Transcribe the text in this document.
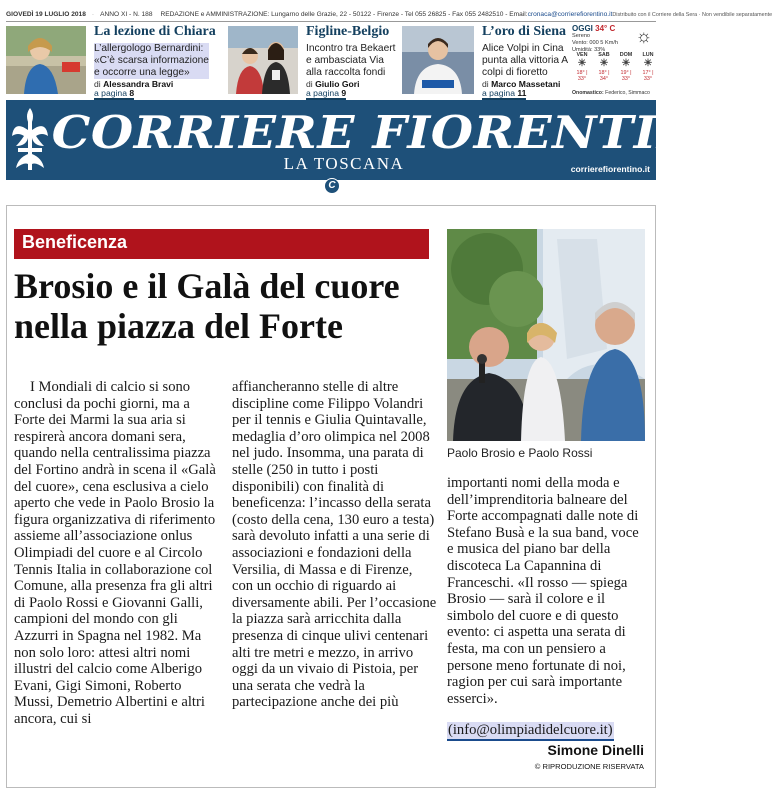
GIOVEDÌ 19 LUGLIO 2018 · ANNO XI - N. 188 REDAZIONE e AMMINISTRAZIONE: Lungarno delle Grazie, 22 - 50122 - Firenze - Tel 055 26825 - Fax 055 2482510 - Email: cronaca@corrierefiorentino.it Distribuito con il Corriere della Sera · Non vendibile separatamente
La lezione di Chiara
L’allergologo Bernardini: «C’è scarsa informazione e occorre una legge»
di Alessandra Bravi
a pagina 8
Figline-Belgio
Incontro tra Bekaert e ambasciata Via alla raccolta fondi
di Giulio Gori
a pagina 9
L’oro di Siena
Alice Volpi in Cina punta alla vittoria A colpi di fioretto
di Marco Massetani
a pagina 11
OGGI 34° C
Sereno
Vento: 000 5 Km/h
Umidità: 33%
☼
VEN
☀
18° | 33°
SAB
☀
18° | 34°
DOM
☀
19° | 33°
LUN
☀
17° | 33°
Onomastico: Federico, Simmaco
CORRIERE FIORENTINO
LA TOSCANA	corrierefiorentino.it
C
Beneficenza
Brosio e il Galà del cuore nella piazza del Forte
Paolo Brosio e Paolo Rossi

I Mondiali di calcio si sono conclusi da pochi giorni, ma a Forte dei Marmi la sua aria si respirerà ancora domani sera, quando nella centralissima piazza del Fortino andrà in scena il «Galà del cuore», cena esclusiva a cielo aperto che vede in Paolo Brosio la figura organizzativa di riferimento assieme all’associazione onlus Olimpiadi del cuore e al Circolo Tennis Italia in collaborazione col Comune, alla presenza fra gli altri di Paolo Rossi e Giovanni Galli, campioni del mondo con gli Azzurri in Spagna nel 1982. Ma non solo loro: attesi altri nomi illustri del calcio come Alberigo Evani, Gigi Simoni, Roberto Mussi, Demetrio Albertini e altri ancora, cui si

affiancheranno stelle di altre discipline come Filippo Volandri per il tennis e Giulia Quintavalle, medaglia d’oro olimpica nel 2008 nel judo. Insomma, una parata di stelle (250 in tutto i posti disponibili) con finalità di beneficenza: l’incasso della serata (costo della cena, 130 euro a testa) sarà devoluto infatti a una serie di associazioni e fondazioni della Versilia, di Massa e di Firenze, con un occhio di riguardo ai diversamente abili. Per l’occasione la piazza sarà arricchita dalla presenza di cinque ulivi centenari alti tre metri e mezzo, in arrivo oggi da un vivaio di Pistoia, per una serata che vedrà la partecipazione anche dei più

importanti nomi della moda e dell’imprenditoria balneare del Forte accompagnati dalle note di Stefano Busà e la sua band, voce e musica del piano bar della discoteca La Capannina di Franceschi. «Il rosso — spiega Brosio — sarà il colore e il simbolo del cuore e di questo evento: ci aspetta una serata di festa, ma con un pensiero a persone meno fortunate di noi, ragion per cui sarà importante esserci».

(info@olimpiadidelcuore.it)
Simone Dinelli
© RIPRODUZIONE RISERVATA
